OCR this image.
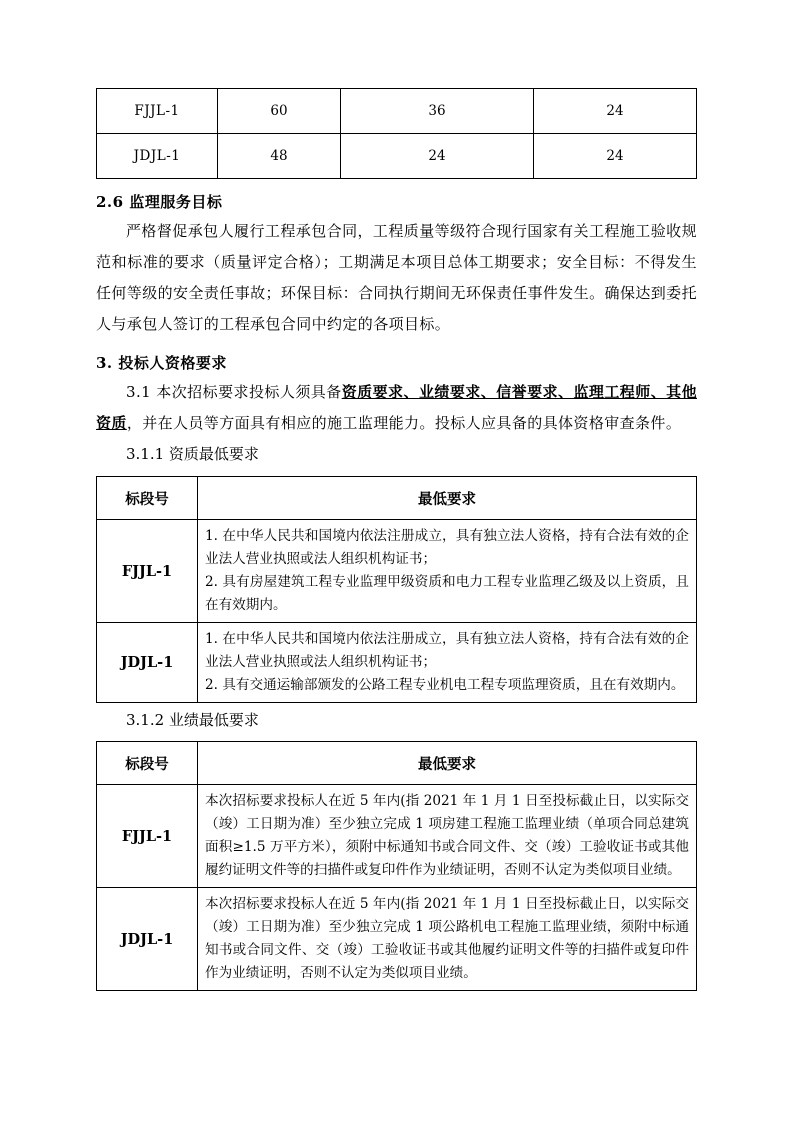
FJJL-1	60	36	24
JDJL-1	48	24	24
2.6 监理服务目标

严格督促承包人履行工程承包合同，工程质量等级符合现行国家有关工程施工验收规范和标准的要求（质量评定合格）；工期满足本项目总体工期要求；安全目标：不得发生任何等级的安全责任事故；环保目标：合同执行期间无环保责任事件发生。确保达到委托人与承包人签订的工程承包合同中约定的各项目标。

3. 投标人资格要求

3.1 本次招标要求投标人须具备资质要求、业绩要求、信誉要求、监理工程师、其他资质，并在人员等方面具有相应的施工监理能力。投标人应具备的具体资格审查条件。

3.1.1 资质最低要求

标段号	最低要求
FJJL-1	1. 在中华人民共和国境内依法注册成立，具有独立法人资格，持有合法有效的企业法人营业执照或法人组织机构证书；
2. 具有房屋建筑工程专业监理甲级资质和电力工程专业监理乙级及以上资质，且在有效期内。

JDJL-1	1. 在中华人民共和国境内依法注册成立，具有独立法人资格，持有合法有效的企业法人营业执照或法人组织机构证书；
2. 具有交通运输部颁发的公路工程专业机电工程专项监理资质，且在有效期内。

3.1.2 业绩最低要求

标段号	最低要求
FJJL-1	本次招标要求投标人在近 5 年内(指 2021 年 1 月 1 日至投标截止日，以实际交（竣）工日期为准）至少独立完成 1 项房建工程施工监理业绩（单项合同总建筑面积≥1.5 万平方米），须附中标通知书或合同文件、交（竣）工验收证书或其他履约证明文件等的扫描件或复印件作为业绩证明，否则不认定为类似项目业绩。
JDJL-1	本次招标要求投标人在近 5 年内(指 2021 年 1 月 1 日至投标截止日，以实际交（竣）工日期为准）至少独立完成 1 项公路机电工程施工监理业绩，须附中标通知书或合同文件、交（竣）工验收证书或其他履约证明文件等的扫描件或复印件作为业绩证明，否则不认定为类似项目业绩。
